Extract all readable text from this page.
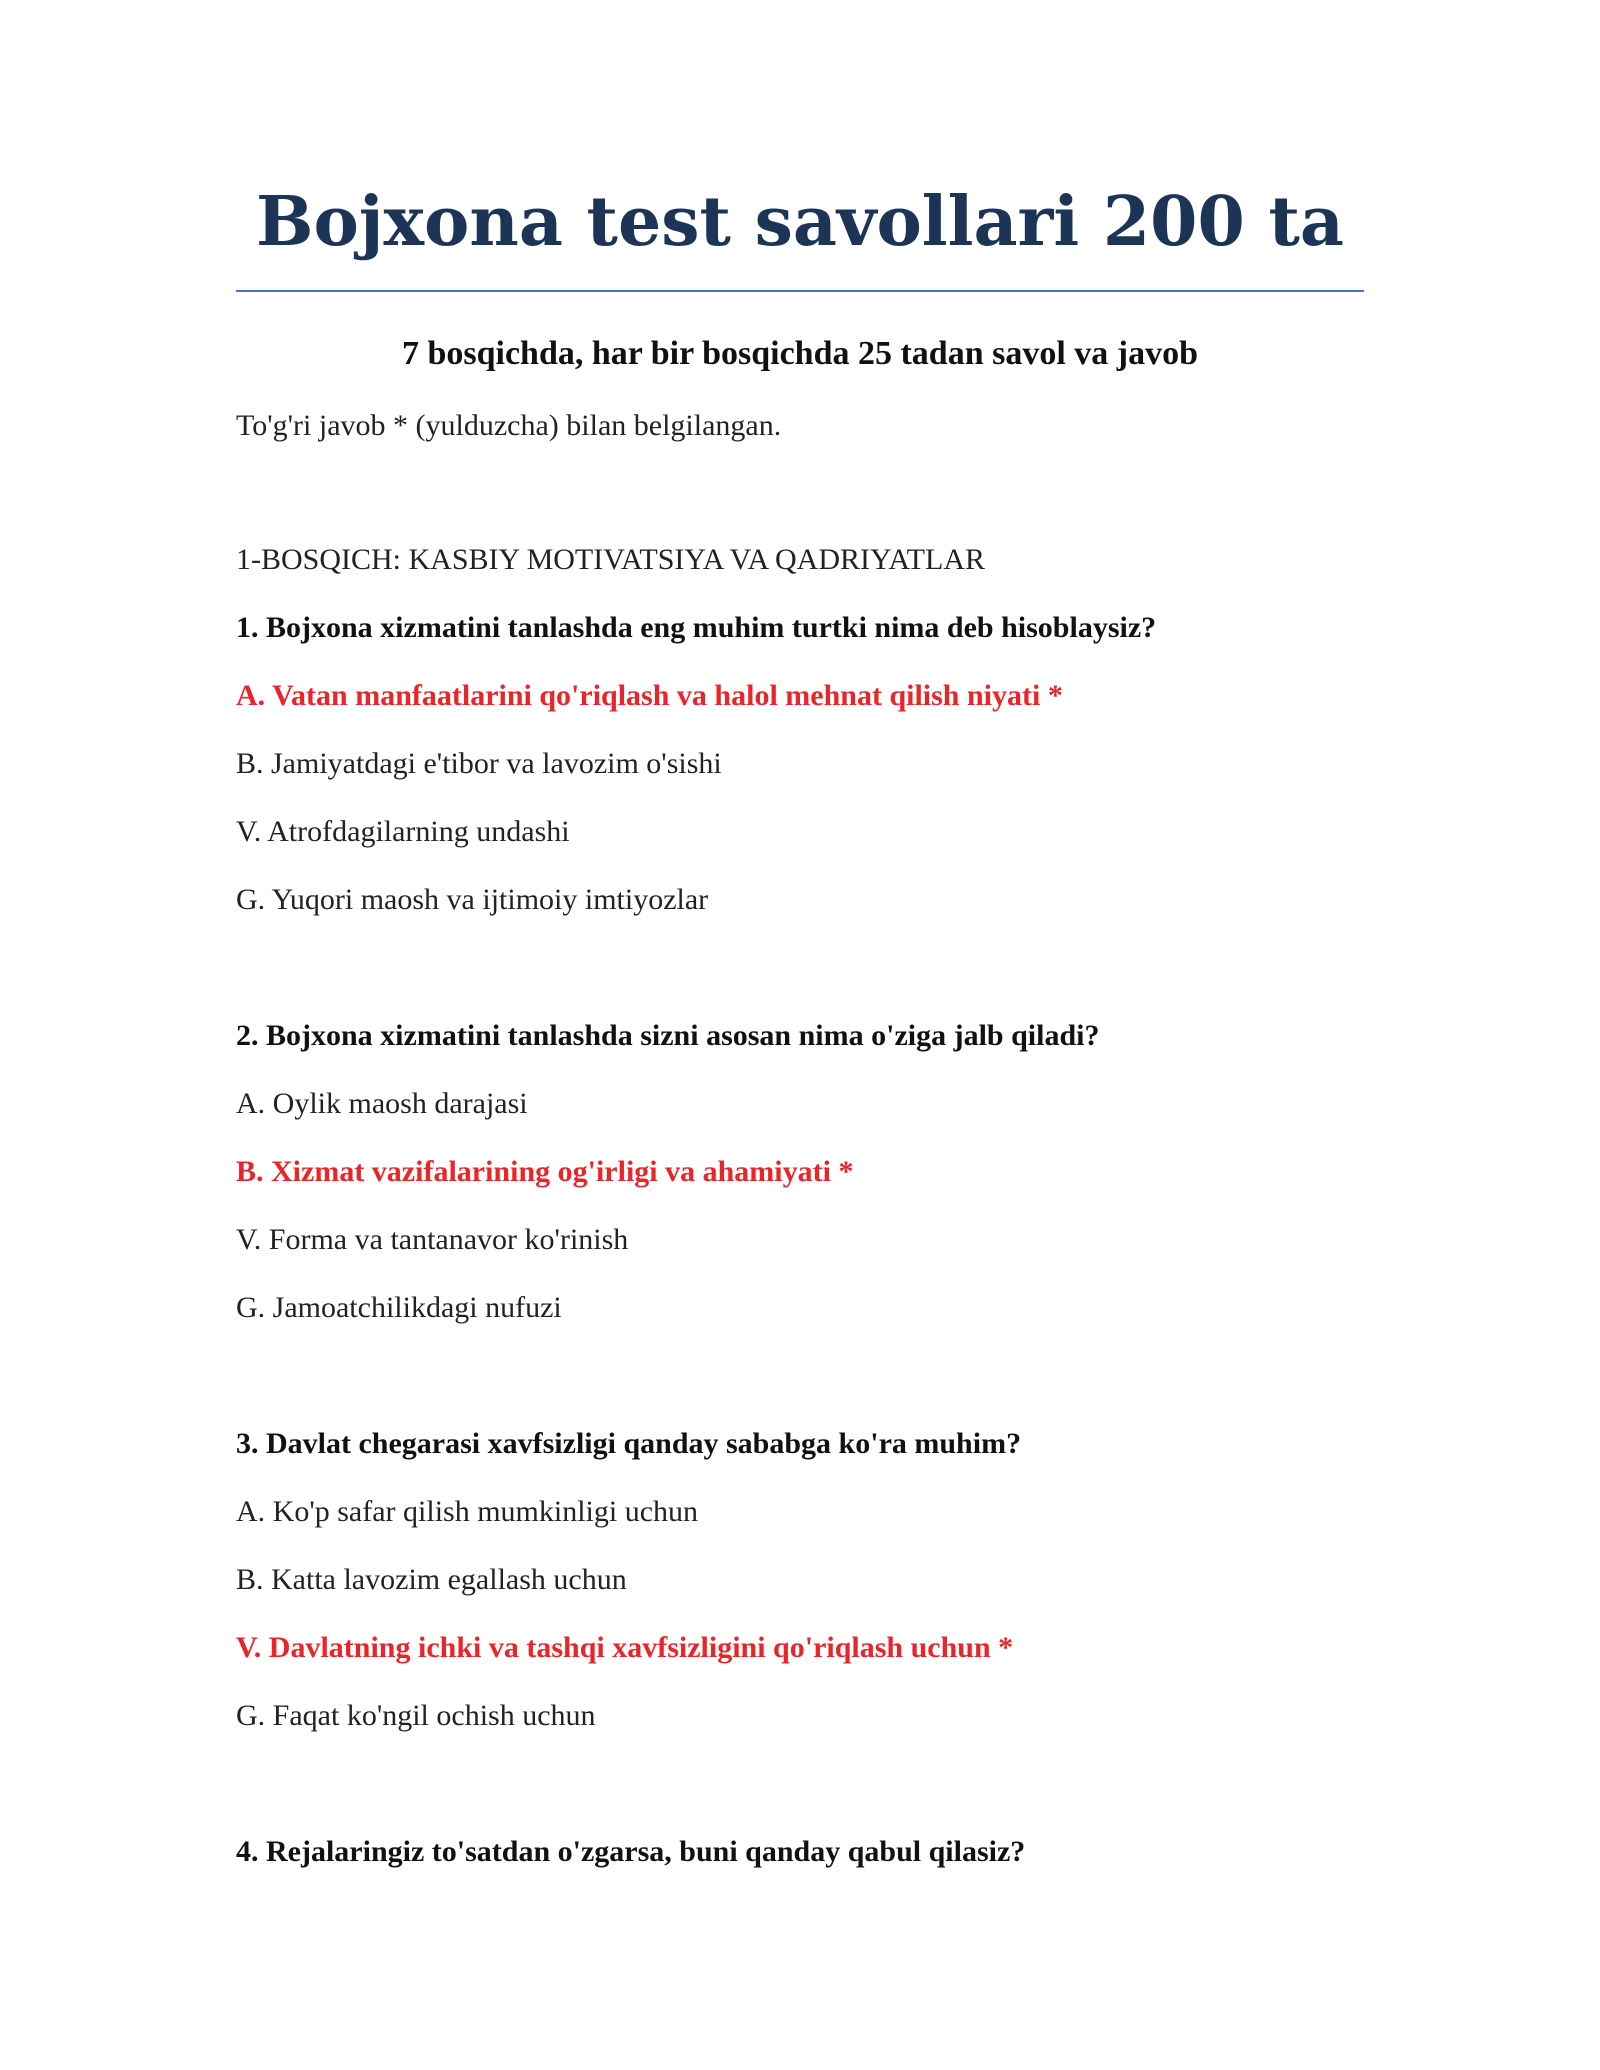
Bojxona test savollari 200 ta
7 bosqichda, har bir bosqichda 25 tadan savol va javob

To'g'ri javob * (yulduzcha) bilan belgilangan.

1-BOSQICH: KASBIY MOTIVATSIYA VA QADRIYATLAR

1. Bojxona xizmatini tanlashda eng muhim turtki nima deb hisoblaysiz?

A. Vatan manfaatlarini qo'riqlash va halol mehnat qilish niyati *

B. Jamiyatdagi e'tibor va lavozim o'sishi

V. Atrofdagilarning undashi

G. Yuqori maosh va ijtimoiy imtiyozlar

2. Bojxona xizmatini tanlashda sizni asosan nima o'ziga jalb qiladi?

A. Oylik maosh darajasi

B. Xizmat vazifalarining og'irligi va ahamiyati *

V. Forma va tantanavor ko'rinish

G. Jamoatchilikdagi nufuzi

3. Davlat chegarasi xavfsizligi qanday sababga ko'ra muhim?

A. Ko'p safar qilish mumkinligi uchun

B. Katta lavozim egallash uchun

V. Davlatning ichki va tashqi xavfsizligini qo'riqlash uchun *

G. Faqat ko'ngil ochish uchun

4. Rejalaringiz to'satdan o'zgarsa, buni qanday qabul qilasiz?
